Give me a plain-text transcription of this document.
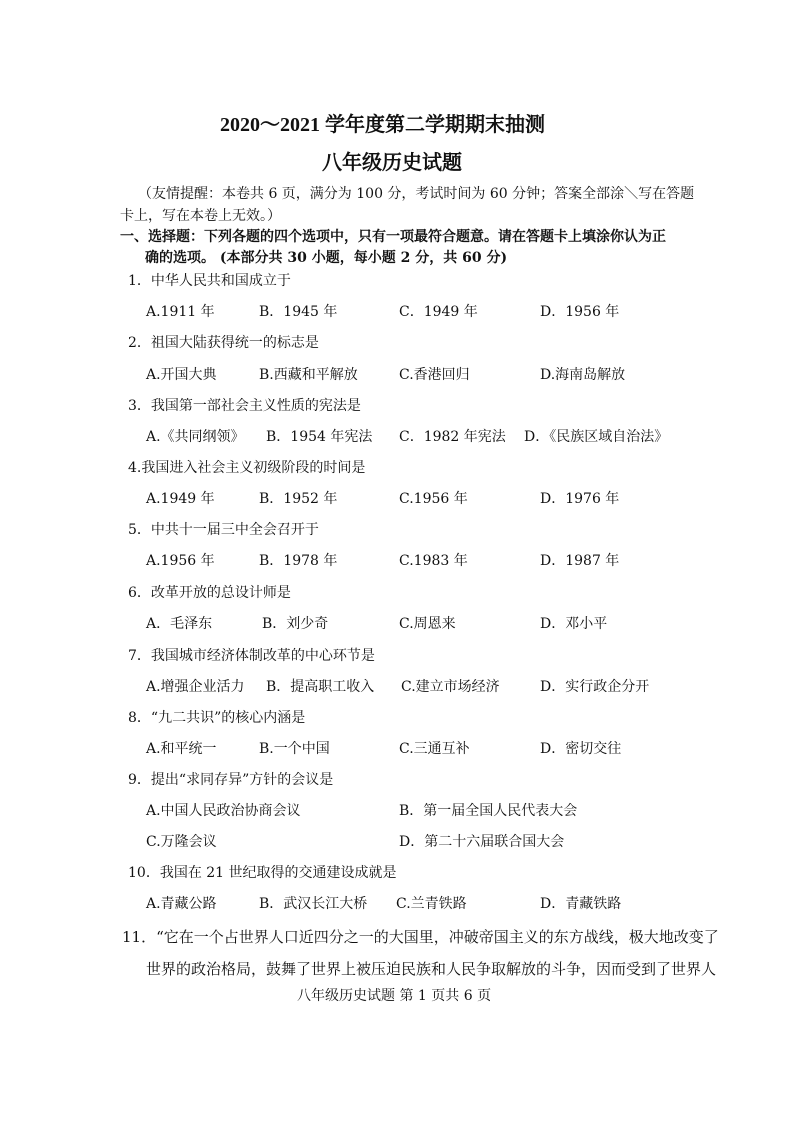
2020～2021 学年度第二学期期末抽测
八年级历史试题
（友情提醒：本卷共 6 页，满分为 100 分，考试时间为 60 分钟；答案全部涂＼写在答题
卡上，写在本卷上无效。）
一、选择题：下列各题的四个选项中，只有一项最符合题意。请在答题卡上填涂你认为正
确的选项。 (本部分共 30 小题，每小题 2 分，共 60 分)
1．中华人民共和国成立于
A.1911 年	B．1945 年	C．1949 年	D．1956 年
2．祖国大陆获得统一的标志是
A.开国大典	B.西藏和平解放	C.香港回归	D.海南岛解放
3．我国第一部社会主义性质的宪法是
A.《共同纲领》 B．1954 年宪法 C．1982 年宪法 D．《民族区域自治法》
4.我国进入社会主义初级阶段的时间是
A.1949 年	B．1952 年	C.1956 年	D．1976 年
5．中共十一届三中全会召开于
A.1956 年	B．1978 年	C.1983 年	D．1987 年
6．改革开放的总设计师是
A．毛泽东	B．刘少奇	C.周恩来	D．邓小平
7．我国城市经济体制改革的中心环节是
A.增强企业活力 B．提高职工收入 C.建立市场经济	D．实行政企分开
8．“九二共识”的核心内涵是
A.和平统一	B.一个中国	C.三通互补	D．密切交往
9．提出“求同存异”方针的会议是
A.中国人民政治协商会议	B．第一届全国人民代表大会
C.万隆会议	D．第二十六届联合国大会
10．我国在 21 世纪取得的交通建设成就是
A.青藏公路	B．武汉长江大桥 C.兰青铁路	D．青藏铁路
11．“它在一个占世界人口近四分之一的大国里，冲破帝国主义的东方战线，极大地改变了
世界的政治格局，鼓舞了世界上被压迫民族和人民争取解放的斗争，因而受到了世界人
八年级历史试题 第 1 页共 6 页
